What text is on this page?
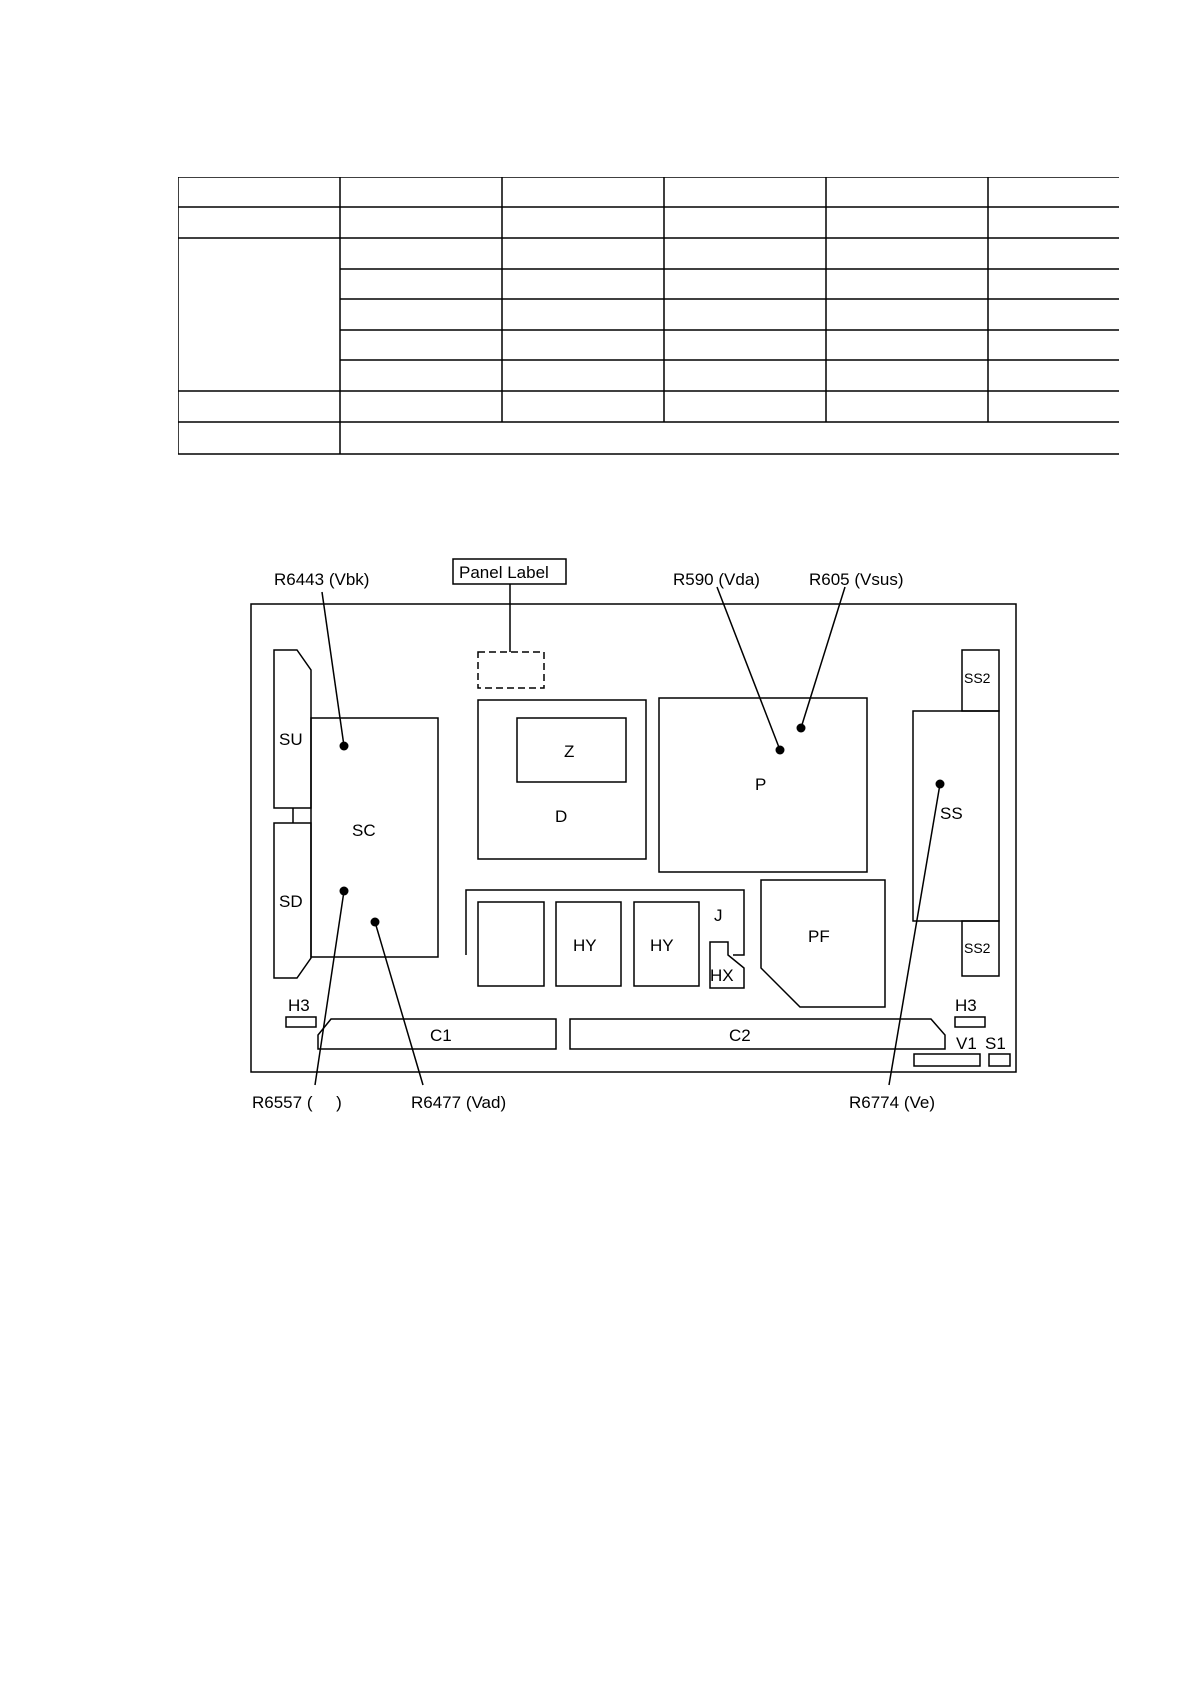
Panel Label
R6443 (Vbk)	R590 (Vda)	R605 (Vsus)
R6557 (     )	R6477 (Vad)	R6774 (Ve)
SU
SD
SC
Z
D
P
SS
J
HY	HY
HX
PF
H3	H3
C1	C2	V1 S1
SS2
SS2
